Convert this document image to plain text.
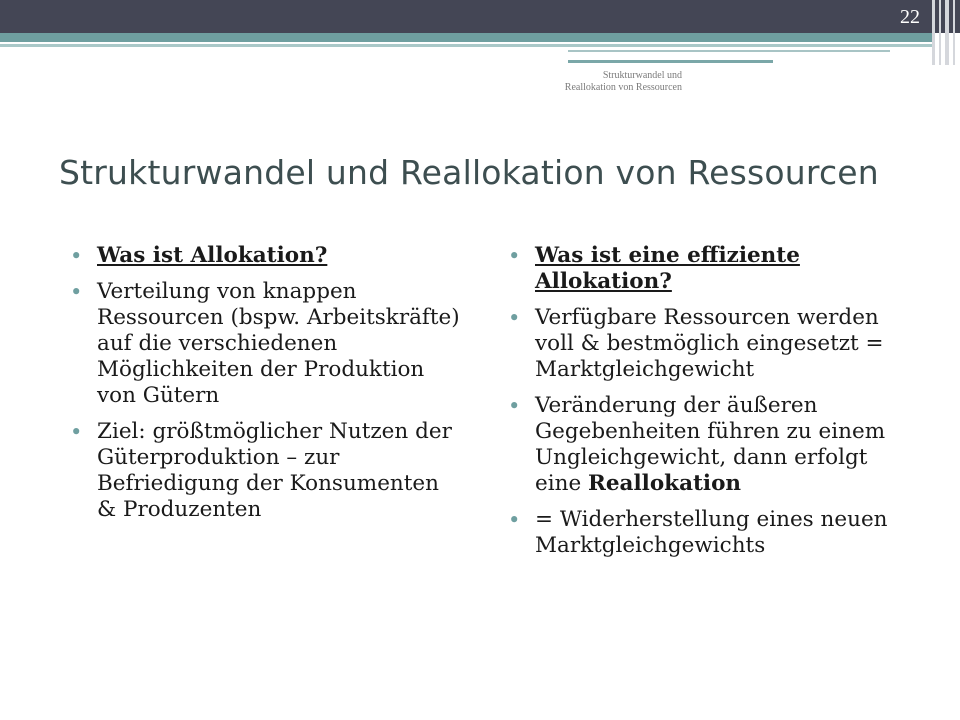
22
Strukturwandel und Reallokation von Ressourcen
Strukturwandel und Reallokation von Ressourcen
• Was ist Allokation?
• Verteilung von knappen Ressourcen (bspw. Arbeitskräfte) auf die verschiedenen Möglichkeiten der Produktion von Gütern
• Ziel: größtmöglicher Nutzen der Güterproduktion – zur Befriedigung der Konsumenten & Produzenten
• Was ist eine effiziente Allokation?
• Verfügbare Ressourcen werden voll & bestmöglich eingesetzt = Marktgleichgewicht
• Veränderung der äußeren Gegebenheiten führen zu einem Ungleichgewicht, dann erfolgt eine Reallokation
• = Widerherstellung eines neuen Marktgleichgewichts
